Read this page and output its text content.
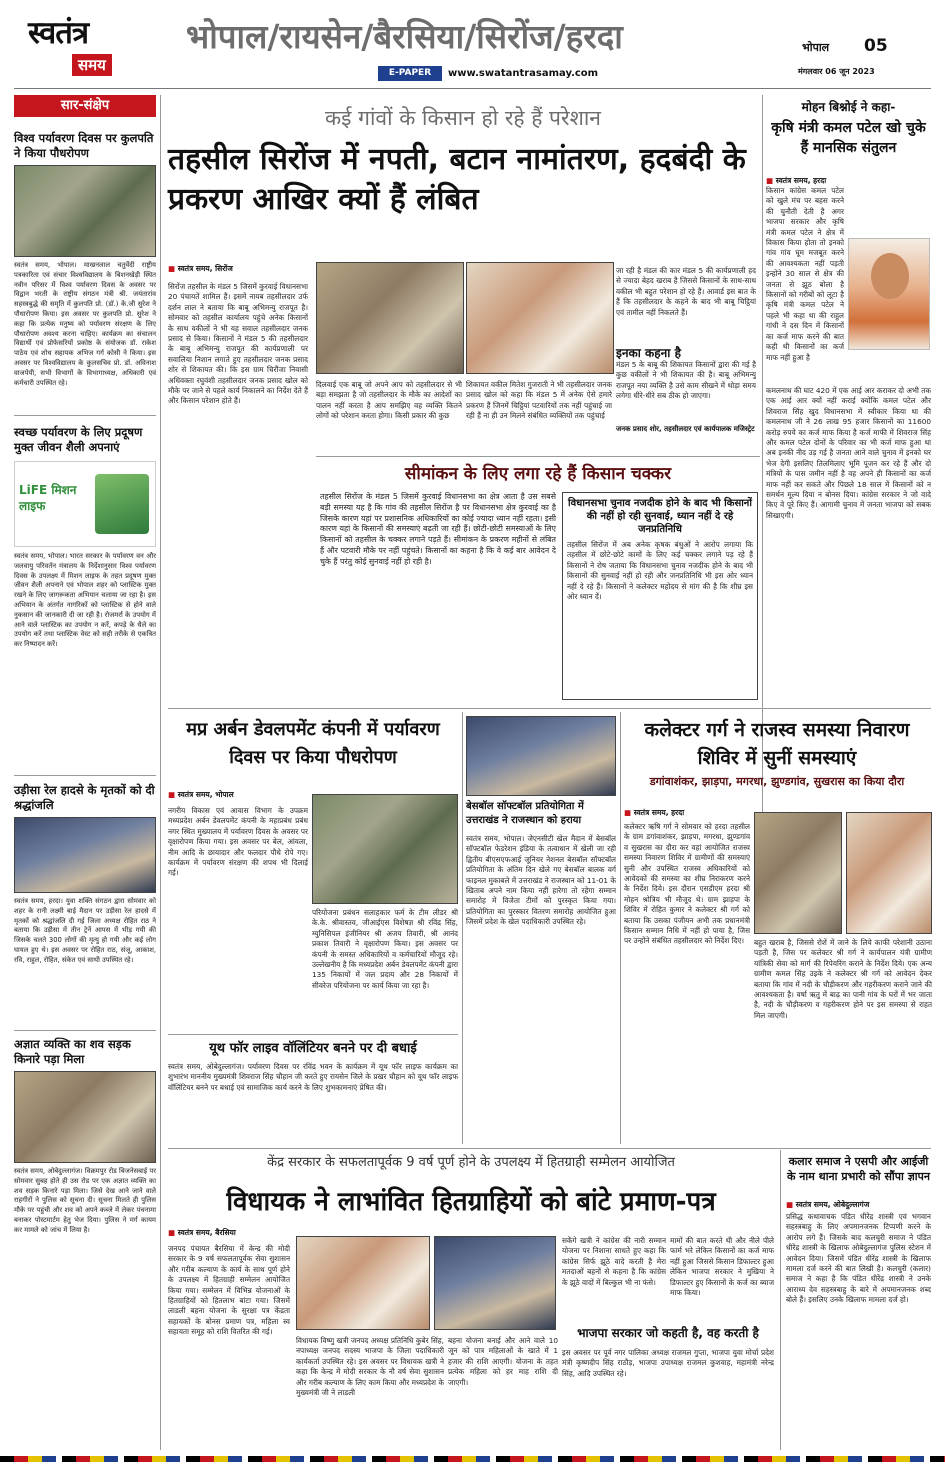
स्वतंत्र
समय
भोपाल/रायसेन/बैरसिया/सिरोंज/हरदा
E-PAPER	www.swatantrasamay.com
भोपाल 05
मंगलवार 06 जून 2023
सार-संक्षेप
विश्व पर्यावरण दिवस पर कुलपति ने किया पौधरोपण
स्वतंत्र समय, भोपाल। माखनलाल चतुर्वेदी राष्ट्रीय पत्रकारिता एवं संचार विश्वविद्यालय के बिशनखेड़ी स्थित नवीन परिसर में विश्व पर्यावरण दिवस के अवसर पर विद्वान भरती के राष्ट्रीय संगठन मंत्री श्री. जयंतारांव सहस्त्रबुद्धे की समृति में कुलपति प्रो. (डॉ.) के.जी सुरेश ने पौधारोपण किया। इस अवसर पर कुलपति प्रो. सुरेश ने कहा कि प्रत्येक मनुष्य को पर्यावरण संरक्षण के लिए पौधारोपण अवश्य करना चाहिए। कार्यक्रम का संचालन विद्यार्थी एवं प्रोफेसरियों प्रकोष्ठ के संयोजक डॉ. राकेश पाठेय एवं शोध सहायक अभिज गर्ग कोसी ने किया। इस अवसर पर विश्वविद्यालय के कुलसचिव प्रो. डॉ. अविनाश वाजपेयी, सभी विभागों के विभागाध्यक्ष, अधिकारी एवं कर्मचारी उपस्थित रहे।
स्वच्छ पर्यावरण के लिए प्रदूषण मुक्त जीवन शैली अपनाएं
LiFE मिशन लाइफ
स्वतंत्र समय, भोपाल। भारत सरकार के पर्यावरण वन और जलवायु परिवर्तन मंत्रालय के निर्देशानुसार विश्व पर्यावरण दिवस के उपलक्ष्य में मिशन लाइफ के तहत प्रदूषण मुक्त जीवन शैली अपनाने एवं भोपाल शहर को प्लास्टिक मुक्त रखने के लिए जागरूकता अभियान चलाया जा रहा है। इस अभियान के अंतर्गत नागरिकों को प्लास्टिक से होने वाले नुकसान की जानकारी दी जा रही है। रोजमर्रा के उपयोग में आने वाले प्लास्टिक का उपयोग न करें, कपड़े के थैले का उपयोग करें तथा प्लास्टिक वेस्ट को सही तरीके से एकत्रित कर निष्पादन करें।
उड़ीसा रेल हादसे के मृतकों को दी श्रद्धांजलि
स्वतंत्र समय, हरदा। युवा शक्ति संगठन द्वारा सोमवार को शहर के रानी लक्ष्मी बाई मैदान पर उड़ीसा रेल हादसे में मृतकों को श्रद्धांजलि दी गई जिला अध्यक्ष रोहित राठ ने बताया कि उड़ीसा में तीन ट्रेनें आपस में भीड़ गयी की जिसके चलते 300 लोगों की मृत्यु हो गयी और कई लोग घायल हुए थे। इस अवसर पर रोहित राठ, संजू, आकाश, रवि, राहुल, रोहित, संकेत एवं साथी उपस्थित रहे।
अज्ञात व्यक्ति का शव सड़क किनारे पड़ा मिला
स्वतंत्र समय, ओबेदुल्लागंज। विक्रमपुर रोड बिजनेसबाई पर सोमवार सुबह होते ही उस रोड पर एक अज्ञात व्यक्ति का शव सड़क किनारे पड़ा मिला। जिसे देख आने जाने वाले राहगीरों ने पुलिस को सूचना दी। सूचना मिलते ही पुलिस मौके पर पहुंची और शव को अपने कब्जे में लेकर पंचनामा बनाकर पोस्टमार्टम हेतु भेज दिया। पुलिस ने मर्ग कायम कर मामले को जांच में लिया है।
कई गांवों के किसान हो रहे हैं परेशान
तहसील सिरोंज में नपती, बटान नामांतरण, हदबंदी के प्रकरण आखिर क्यों हैं लंबित
■ स्वतंत्र समय, सिरोंज
सिरोंज तहसील के मंडल 5 जिसमें कुरवाई विधानसभा 20 पंचायतें शामिल हैं। इसमें नायब तहसीलदार उर्फ दर्शन लाल ने बताया कि बाबू अभिमन्यु राजपूत है। सोमवार को तहसील कार्यालय पहुंचे अनेक किसानों के साथ वकीलों ने भी यह सवाल तहसीलदार जनक प्रसाद से किया। किसानों ने मंडल 5 की तहसीलदार के बाबू अभिमन्यु राजपूत की कार्यप्रणाली पर सवालिया निशान लगाते हुए तहसीलदार जनक प्रसाद शोर से शिकायत की। कि इस ग्राम चिरौंजा निवासी अधिवक्ता रघुवंशी तहसीलदार जनक प्रसाद खोल को मौके पर जाने से पहले कार्य निकालने का निर्देश देते हैं और किसान परेशान होते हैं।
दिलवाई एक बाबू जो अपने आप को तहसीलदार से भी बड़ा समझता है जो तहसीलदार के मौके का आदेशों का पालन नहीं करता है आप समझिए वह व्यक्ति कितने लोगों को परेशान करता होगा। किसी प्रकार की कुछ
शिकायत वकील मितेश गुजराती ने भी तहसीलदार जनक प्रसाद खोल को कहा कि मंडल 5 में अनेक ऐसे हमारे प्रकरण हैं जिनमें चिट्ठियां पटवारियों तक नहीं पहुंचाई जा रही हैं ना ही उन मिलने संबंधित व्यक्तियों तक पहुंचाई
जा रही है मंडल की कार मंडल 5 की कार्यप्रणाली हद से ज्यादा बेहद खराब है जिससे किसानों के साथ-साथ वकील भी बहुत परेशान हो रहे हैं। आवार्ड इस बात के हैं कि तहसीलदार के कहने के बाद भी बाबू चिट्ठियां एवं तामील नहीं निकलते हैं।
इनका कहना है
मंडल 5 के बाबू की शिकायत किसानों द्वारा की गई है कुछ वकीलों ने भी शिकायत की है। बाबू अभिमन्यु राजपूत नया व्यक्ति है उसे काम सीखने में थोड़ा समय लगेगा धीरे-धीरे सब ठीक हो जाएगा।
जनक प्रसाद शोर, तहसीलदार एवं कार्यपालक मजिस्ट्रेट
मोहन बिश्नोई ने कहा-
कृषि मंत्री कमल पटेल खो चुके हैं मानसिक संतुलन
■ स्वतंत्र समय, हरदा
किसान कांग्रेस कमल पटेल को खुले मंच पर बहस करने की चुनौती देती है अगर भाजपा सरकार और कृषि मंत्री कमल पटेल ने क्षेत्र में विकास किया होता तो इनको गांव गांव घूम मजबूत करने की आवश्यकता नहीं पड़ती इन्होंने 30 साल से क्षेत्र की जनता से झूठ बोला है किसानों को गरीबों को लूटा है कृषि मंत्री कमल पटेल ने पहले भी कहा था की राहुल गांधी ने दस दिन में किसानों का कर्ज माफ करने की बात कही थी किसानों का कर्ज माफ नहीं हुआ है
कमलनाथ की घाट 420 में एक आई आर कराकर दो अभी तक एक आई आर क्यों नहीं कराई क्योंकि कमल पटेल और शिवराज सिंह खुद विधानसभा में स्वीकार किया था की कमलनाथ जी ने 26 लाख 95 हजार किसानों का 11600 करोड़ रुपये का कर्ज माफ किया है कर्ज माफी में शिवराज सिंह और कमल पटेल दोनों के परिवार का भी कर्ज माफ हुआ था अब इनकी नीद उड़ गई है जनता आने वाले चुनाव में इनको घर भेज देगी इसलिए तिलमिलाए भूमि पूजन कर रहे हैं और दो मंत्रियों के पास जमीन नहीं है वह अपने ही किसानों का कर्ज माफ नहीं कर सकते और पिछले 18 साल में किसानों को न समर्थन मूल्य दिया न बोनस दिया। कांग्रेस सरकार ने जो वादे किए वे पूरे किए हैं। आगामी चुनाव में जनता भाजपा को सबक सिखाएगी।
सीमांकन के लिए लगा रहे हैं किसान चक्कर
तहसील सिरोंज के मंडल 5 जिसमें कुरवाई विधानसभा का क्षेत्र आता है उस सबसे बड़ी समस्या यह है कि गांव की तहसील सिरोंज है पर विधानसभा क्षेत्र कुरवाई का है जिसके कारण यहां पर प्रशासनिक अधिकारियों का कोई ज्यादा ध्यान नहीं रहता। इसी कारण यहां के किसानों की समस्याएं बढ़ती जा रही हैं। छोटी-छोटी समस्याओं के लिए किसानों को तहसील के चक्कर लगाने पड़ते हैं। सीमांकन के प्रकरण महीनों से लंबित हैं और पटवारी मौके पर नहीं पहुंचते। किसानों का कहना है कि वे कई बार आवेदन दे चुके हैं परंतु कोई सुनवाई नहीं हो रही है।
विधानसभा चुनाव नजदीक होने के बाद भी किसानों की नहीं हो रही सुनवाई, ध्यान नहीं दे रहे जनप्रतिनिधि
तहसील सिरोंज में अब अनेक कृषक बंधुओं ने आरोप लगाया कि तहसील में छोटे-छोटे कामों के लिए कई चक्कर लगाने पड़ रहे हैं किसानों ने रोष जताया कि विधानसभा चुनाव नजदीक होने के बाद भी किसानों की सुनवाई नहीं हो रही और जनप्रतिनिधि भी इस ओर ध्यान नहीं दे रहे हैं। किसानों ने कलेक्टर महोदय से मांग की है कि शीघ्र इस ओर ध्यान दें।
मप्र अर्बन डेवलपमेंट कंपनी में पर्यावरण दिवस पर किया पौधरोपण
■ स्वतंत्र समय, भोपाल
नगरीय विकास एवं आवास विभाग के उपक्रम मध्यप्रदेश अर्बन डेवलपमेंट कंपनी के महाप्रबंध प्रबंध नगर स्थित मुख्यालय में पर्यावरण दिवस के अवसर पर वृक्षारोपण किया गया। इस अवसर पर बेल, आंवला, नीम आदि के छायादार और फलदार पौधे रोपे गए। कार्यक्रम में पर्यावरण संरक्षण की शपथ भी दिलाई गई।
परियोजना प्रबंधन सलाहकार फर्म के टीम लीडर श्री के.के. श्रीवास्तव, जीआईएस विशेषज्ञ श्री रविंद्र सिंह, म्युनिसिपल इंजीनियर श्री अजय तिवारी, श्री आनंद प्रकाश तिवारी ने वृक्षारोपण किया। इस अवसर पर कंपनी के समस्त अधिकारियों व कर्मचारियों मौजूद रहे। उल्लेखनीय है कि मध्यप्रदेश अर्बन डेवलपमेंट कंपनी द्वारा 135 निकायों में जल प्रदाय और 28 निकायों में सीवरेज परियोजना पर कार्य किया जा रहा है।
यूथ फॉर लाइव वॉलिंटियर बनने पर दी बधाई
स्वतंत्र समय, ओबेदुल्लागंज। पर्यावरण दिवस पर रविंद्र भवन के कार्यक्रम में यूथ फॉर लाइफ कार्यक्रम का शुभारंभ माननीय मुख्यमंत्री शिवराज सिंह चौहान जी करते हुए रायसेन जिले के प्रखर चौहान को यूथ फॉर लाइफ वॉलिंटियर बनने पर बधाई एवं सामाजिक कार्य करने के लिए शुभकामनाएं प्रेषित की।
बेसबॉल सॉफ्टबॉल प्रतियोगिता में उत्तराखंड ने राजस्थान को हराया
स्वतंत्र समय, भोपाल। जेएनसीटी खेल मैदान में बेसबॉल सॉफ्टबॉल फेडरेशन इंडिया के तत्वाधान में खेली जा रही द्वितीय बीएसएफआई जूनियर नेशनल बेसबॉल सॉफ्टबॉल प्रतियोगिता के अंतिम दिन खेले गए बेसबॉल बालक वर्ग फाइनल मुकाबले में उत्तराखंड ने राजस्थान को 11-01 के खिताब अपने नाम किया नहीं हारेगा तो रहेगा सम्मान समारोह में विजेता टीमों को पुरस्कृत किया गया। प्रतियोगिता का पुरस्कार वितरण समारोह आयोजित हुआ जिसमें प्रदेश के खेल पदाधिकारी उपस्थित रहे।
कलेक्टर गर्ग ने राजस्व समस्या निवारण शिविर में सुनीं समस्याएं
डगांवाशंकर, झाड़पा, मगरधा, झुण्डगांव, सुखरास का किया दौरा
■ स्वतंत्र समय, हरदा
कलेक्टर ऋषि गर्ग ने सोमवार को हरदा तहसील के ग्राम डगांवाशंकर, झाड़पा, मगरधा, झुण्डगांव व सुखरास का दौरा कर वहां आयोजित राजस्व समस्या निवारण शिविर में ग्रामीणों की समस्याएं सुनी और उपस्थित राजस्व अधिकारियों को आवेदकों की समस्या का शीघ्र निराकरण करने के निर्देश दिये। इस दौरान एसडीएम हरदा श्री मोहन श्रोत्रिय भी मौजूद थे। ग्राम झाड़पा के शिविर में रोहित कुमार ने कलेक्टर श्री गर्ग को बताया कि उसका पंजीयन अभी तक प्रधानमंत्री किसान सम्मान निधि में नहीं हो पाया है, जिस पर उन्होंने संबंधित तहसीलदार को निर्देश दिए।	बहुत खराब है, जिससे रोशें में जाने के लिये काफी परेशानी उठाना पड़ती है, जिस पर कलेक्टर श्री गर्ग ने कार्यपालन यंत्री ग्रामीण यांत्रिकी सेवा को मार्ग की रिपेयरिंग कराने के निर्देश दिये। एक अन्य ग्रामीण कमल सिंह उइके ने कलेक्टर श्री गर्ग को आवेदन देकर बताया कि गांव में नदी के चौड़ीकरण और गहरीकरण कराने जाने की आवश्यकता है। वर्षा ऋतु में बाढ़ का पानी गांव के घरों में भर जाता है, नदी के चौड़ीकरण व गहरीकरण होने पर इस समस्या से राहत मिल जाएगी।
केंद्र सरकार के सफलतापूर्वक 9 वर्ष पूर्ण होने के उपलक्ष्य में हितग्राही सम्मेलन आयोजित
विधायक ने लाभांवित हितग्राहियों को बांटे प्रमाण-पत्र
■ स्वतंत्र समय, बैरसिया
जनपद पंचायत बैरसिया में केन्द्र की मोदी सरकार के 9 वर्ष सफलतापूर्वक सेवा सुशासन और गरीब कल्याण के कार्य के साथ पूर्ण होने के उपलक्ष्य में हितग्राही सम्मेलन आयोजित किया गया। सम्मेलन में विभिन्न योजनाओं के हितग्राहियों को हितलाभ बांटा गया। जिसमें लाडली बहना योजना के सुरक्षा पत्र केंद्रता सहायकों के बोनस प्रमाण पत्र, महिला स्व सहायता समूह को राशि वितरित की गई।
विधायक विष्णु खत्री जनपद अध्यक्ष प्रतिनिधि कुबेर सिंह, नपाध्यक्ष जनपद सदस्य भाजपा के जिला पदाधिकारी कार्यकर्ता उपस्थित रहे। इस अवसर पर विधायक खत्री ने कहा कि केन्द्र में मोदी सरकार के नौ वर्ष सेवा सुशासन और गरीब कल्याण के लिए काम किया और मध्यप्रदेश के मुख्यमंत्री जी ने लाडली
बहना योजना बनाई और आने वाले 10 जून को पात्र महिलाओं के खाते में 1 हजार की राशि आएगी। योजना के तहत प्रत्येक महिला को हर माह राशि दी जाएगी।
सकेंगे खत्री ने कांग्रेस की नारी सम्मान योजना पर निशाना साधते हुए कहा कि कांग्रेस सिर्फ झूठे वादे करती है मेरा मतदाओं बहनों से कहना है कि कांग्रेस के झूठे वादों में बिल्कुल भी ना फंसे।
मामों की बात करते थी और नीले पीले फार्म भरे लेकिन किसानों का कर्ज माफ नहीं हुआ जिससे किसान डिफाल्टर हुआ लेकिन भाजपा सरकार ने मुखिया ने डिफाल्टर हुए किसानों के कर्ज का ब्याज माफ किया।
भाजपा सरकार जो कहती है, वह करती है
इस अवसर पर पूर्व नगर पालिका अध्यक्ष राजमल गुप्ता, भाजपा युवा मोर्चा प्रदेश मंत्री कृष्णदीप सिंह राठौड़, भाजपा उपाध्यक्ष राजमल कुशवाह, महामंत्री नरेन्द्र सिंह, आदि उपस्थित रहे।
कलार समाज ने एसपी और आईजी के नाम थाना प्रभारी को सौंपा ज्ञापन
■ स्वतंत्र समय, ओबेदुल्लागंज
प्रसिद्ध कथावाचक पंडित धीरेंद्र शास्त्री एवं भगवान सहस्त्रबाहु के लिए अपमानजनक टिप्पणी करने के आरोप लगे हैं। जिसके बाद कलचुरी समाज ने पंडित धीरेंद्र शास्त्री के खिलाफ ओबेदुल्लागंज पुलिस स्टेशन में आवेदन दिया। जिसमें पंडित धीरेंद्र शास्त्री के खिलाफ मामला दर्ज करने की बात लिखी है। कलचुरी (कलार) समाज ने कहा है कि पंडित धीरेंद्र शास्त्री ने उनके आराध्य देव सहस्त्रबाहु के बारे में अपमानजनक शब्द बोले हैं। इसलिए उनके खिलाफ मामला दर्ज हो।
